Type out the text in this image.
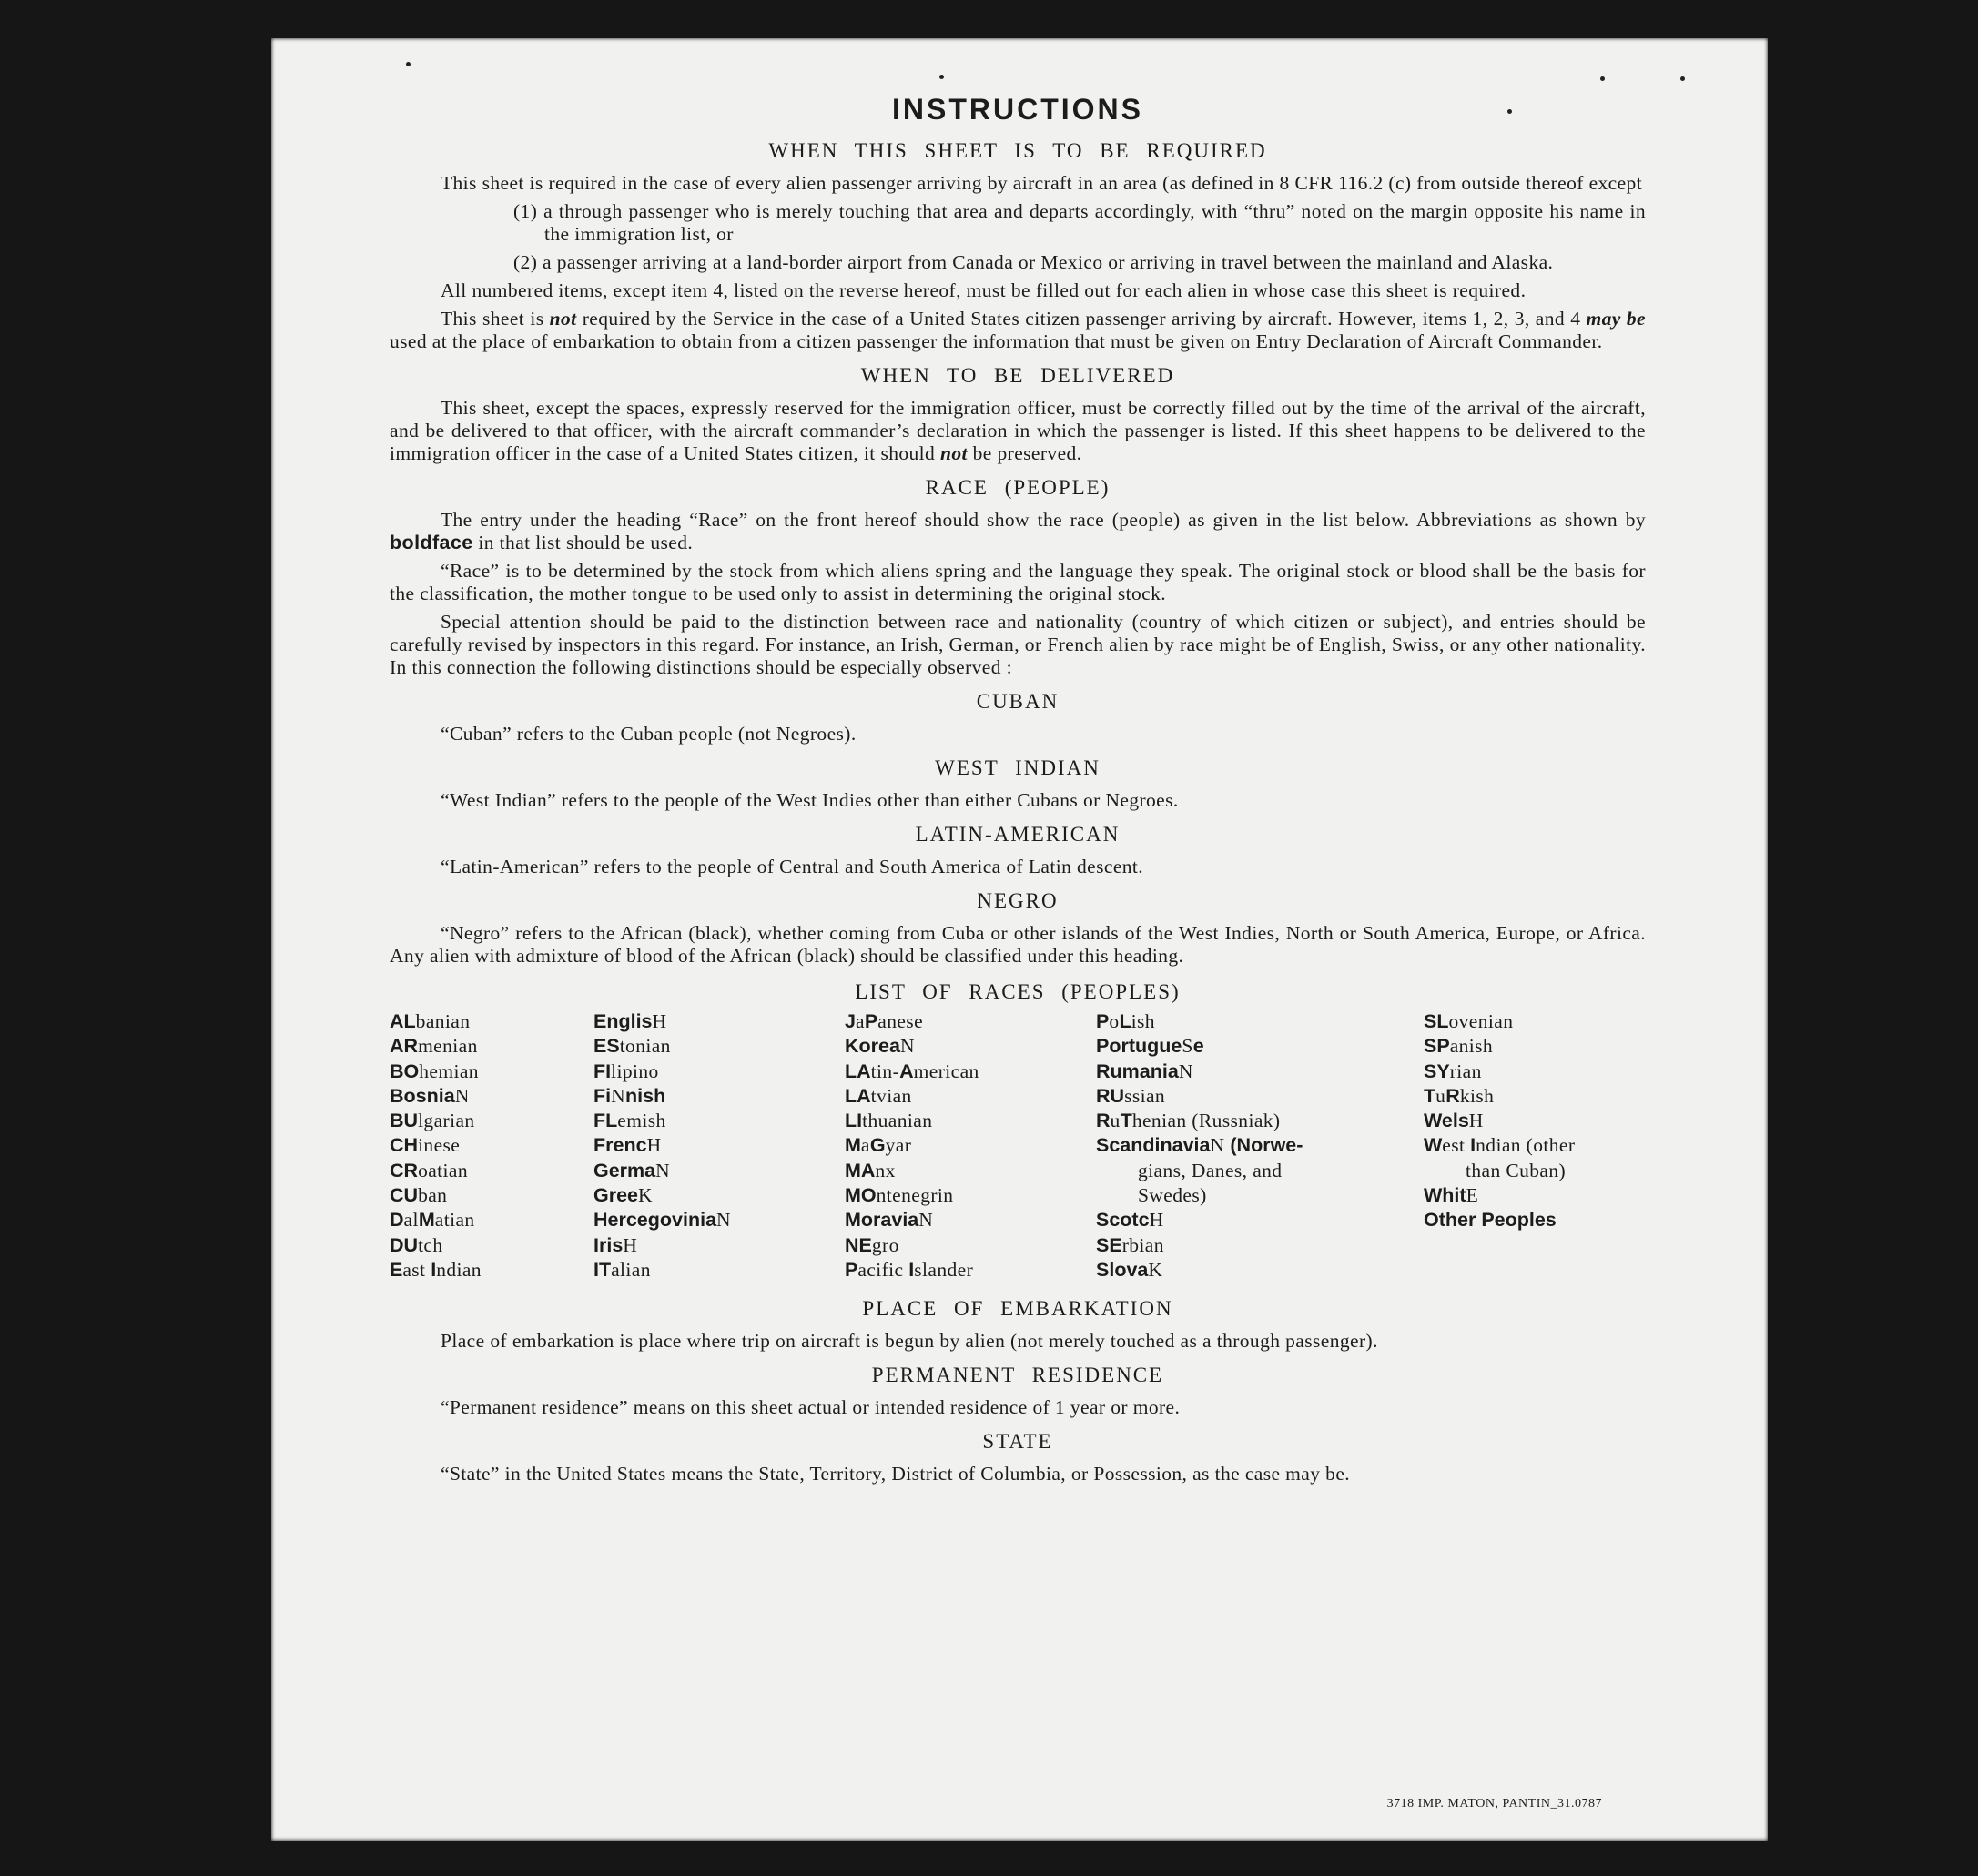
INSTRUCTIONS
WHEN THIS SHEET IS TO BE REQUIRED

This sheet is required in the case of every alien passenger arriving by aircraft in an area (as defined in 8 CFR 116.2 (c) from outside thereof except

(1) a through passenger who is merely touching that area and departs accordingly, with “thru” noted on the margin opposite his name in the immigration list, or

(2) a passenger arriving at a land-border airport from Canada or Mexico or arriving in travel between the mainland and Alaska.

All numbered items, except item 4, listed on the reverse hereof, must be filled out for each alien in whose case this sheet is required.

This sheet is not required by the Service in the case of a United States citizen passenger arriving by aircraft. However, items 1, 2, 3, and 4 may be used at the place of embarkation to obtain from a citizen passenger the information that must be given on Entry Declaration of Aircraft Commander.

WHEN TO BE DELIVERED

This sheet, except the spaces, expressly reserved for the immigration officer, must be correctly filled out by the time of the arrival of the aircraft, and be delivered to that officer, with the aircraft commander’s declaration in which the passenger is listed. If this sheet happens to be delivered to the immigration officer in the case of a United States citizen, it should not be preserved.

RACE (PEOPLE)

The entry under the heading “Race” on the front hereof should show the race (people) as given in the list below. Abbreviations as shown by boldface in that list should be used.

“Race” is to be determined by the stock from which aliens spring and the language they speak. The original stock or blood shall be the basis for the classification, the mother tongue to be used only to assist in determining the original stock.

Special attention should be paid to the distinction between race and nationality (country of which citizen or subject), and entries should be carefully revised by inspectors in this regard. For instance, an Irish, German, or French alien by race might be of English, Swiss, or any other nationality. In this connection the following distinctions should be especially observed :

CUBAN

“Cuban” refers to the Cuban people (not Negroes).

WEST INDIAN

“West Indian” refers to the people of the West Indies other than either Cubans or Negroes.

LATIN-AMERICAN

“Latin-American” refers to the people of Central and South America of Latin descent.

NEGRO

“Negro” refers to the African (black), whether coming from Cuba or other islands of the West Indies, North or South America, Europe, or Africa. Any alien with admixture of blood of the African (black) should be classified under this heading.

LIST OF RACES (PEOPLES)
ALbanian
ARmenian
BOhemian
BosniaN
BUlgarian
CHinese
CRoatian
CUban
DalMatian
DUtch
East Indian
EnglisH
EStonian
FIlipino
FiNnish
FLemish
FrencH
GermaN
GreeK
HercegoviniaN
IrisH
ITalian
JaPanese
KoreaN
LAtin-American
LAtvian
LIthuanian
MaGyar
MAnx
MOntenegrin
MoraviaN
NEgro
Pacific Islander
PoLish
PortugueSe
RumaniaN
RUssian
RuThenian (Russniak)
ScandinaviaN (Norwe-
gians, Danes, and
Swedes)
ScotcH
SErbian
SlovaK
SLovenian
SPanish
SYrian
TuRkish
WelsH
West Indian (other
than Cuban)
WhitE
Other Peoples
PLACE OF EMBARKATION

Place of embarkation is place where trip on aircraft is begun by alien (not merely touched as a through passenger).

PERMANENT RESIDENCE

“Permanent residence” means on this sheet actual or intended residence of 1 year or more.

STATE

“State” in the United States means the State, Territory, District of Columbia, or Possession, as the case may be.

3718 IMP. MATON, PANTIN_31.0787
